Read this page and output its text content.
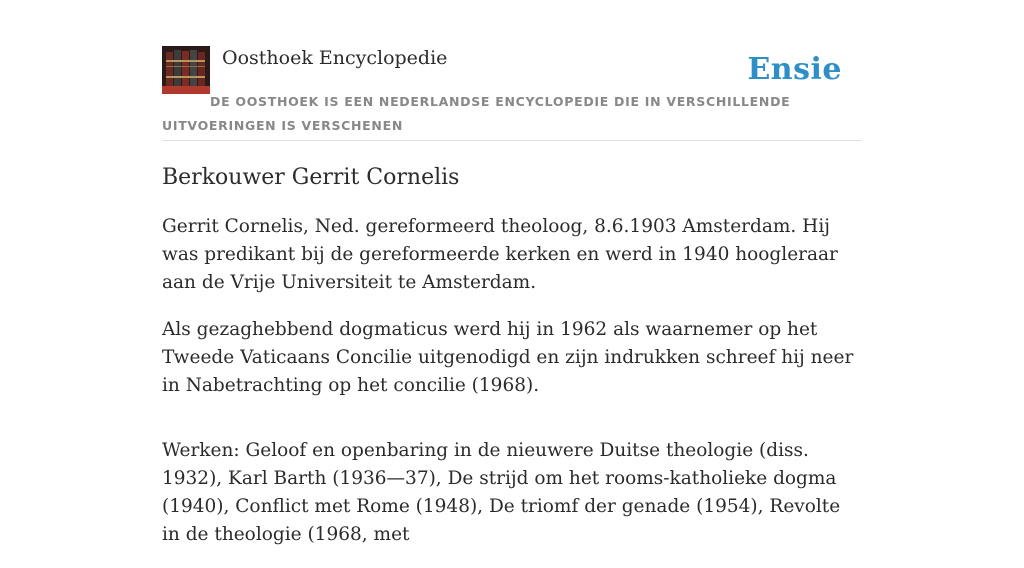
Oosthoek Encyclopedie	Ensie
DE OOSTHOEK IS EEN NEDERLANDSE ENCYCLOPEDIE DIE IN VERSCHILLENDE UITVOERINGEN IS VERSCHENEN
Berkouwer Gerrit Cornelis

Gerrit Cornelis, Ned. gereformeerd theoloog, 8.6.1903 Amsterdam. Hij was predikant bij de gereformeerde kerken en werd in 1940 hoogleraar aan de Vrije Universiteit te Amsterdam.

Als gezaghebbend dogmaticus werd hij in 1962 als waarnemer op het Tweede Vaticaans Concilie uitgenodigd en zijn indrukken schreef hij neer in Nabetrachting op het concilie (1968).

Werken: Geloof en openbaring in de nieuwere Duitse theologie (diss. 1932), Karl Barth (1936—37), De strijd om het rooms-katholieke dogma (1940), Conflict met Rome (1948), De triomf der genade (1954), Revolte in de theologie (1968, met
